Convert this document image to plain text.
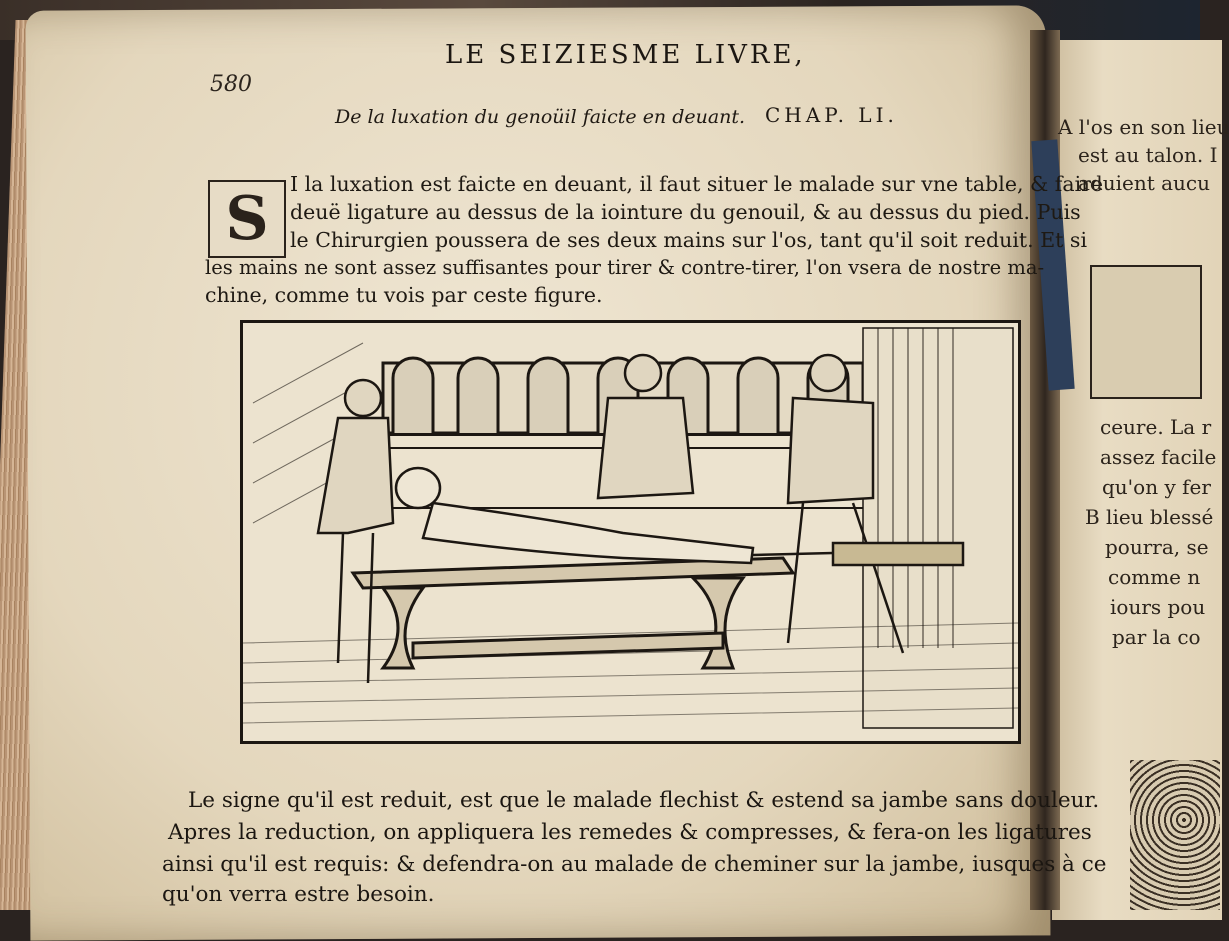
LE SEIZIESME LIVRE,
580
De la luxation du genoüil faicte en deuant. CHAP. LI.
S I la luxation est faicte en deuant, il faut situer le malade sur vne table, & faire
deuë ligature au dessus de la iointure du genouil, & au dessus du pied. Puis
le Chirurgien poussera de ses deux mains sur l'os, tant qu'il soit reduit. Et si
les mains ne sont assez suffisantes pour tirer & contre-tirer, l'on vsera de nostre ma-
chine, comme tu vois par ceste figure.
Le signe qu'il est reduit, est que le malade flechist & estend sa jambe sans douleur.
Apres la reduction, on appliquera les remedes & compresses, & fera-on les ligatures
ainsi qu'il est requis: & defendra-on au malade de cheminer sur la jambe, iusques à ce
qu'on verra estre besoin.
A l'os en son lieu
est au talon. I
aduient aucu
ceure. La r
assez facile
qu'on y fer
B lieu blessé
pourra, se
comme n
iours pou
par la co
